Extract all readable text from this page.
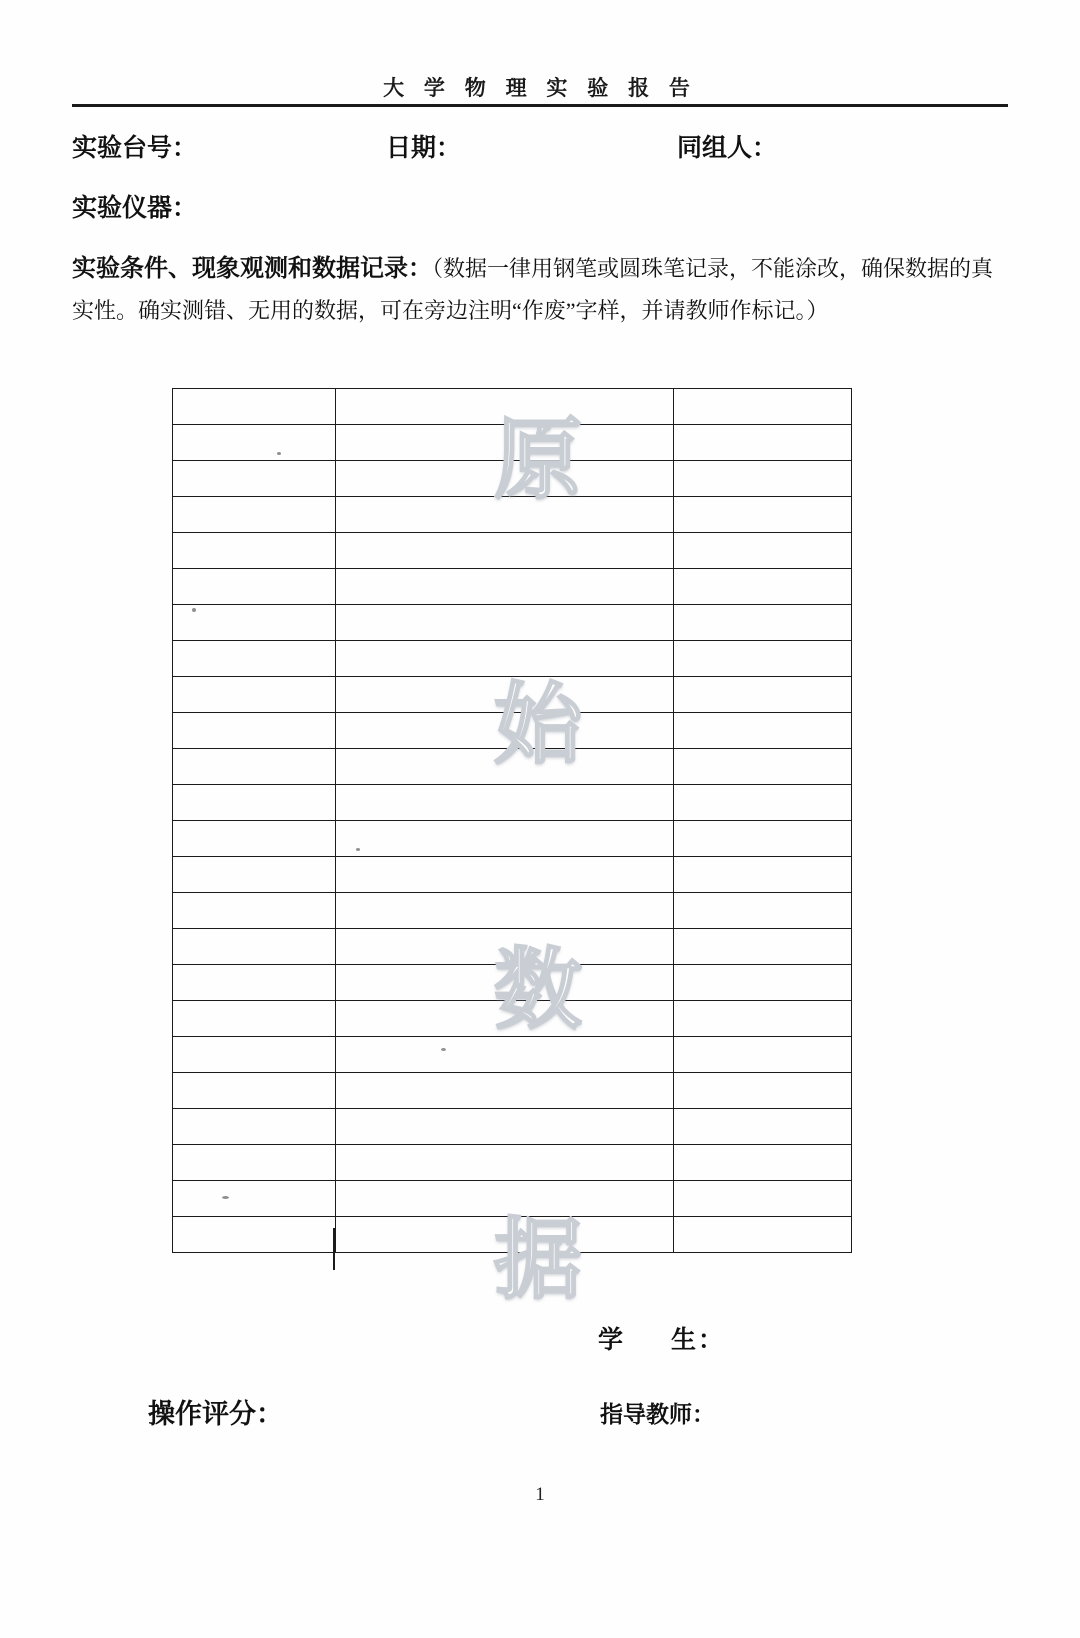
大 学 物 理 实 验 报 告
实验台号：	日期：	同组人：
实验仪器：
实验条件、现象观测和数据记录：（数据一律用钢笔或圆珠笔记录，不能涂改，确保数据的真实性。确实测错、无用的数据，可在旁边注明“作废”字样，并请教师作标记。）

原
始
数
据
学 生：
操作评分：	指导教师：
1
